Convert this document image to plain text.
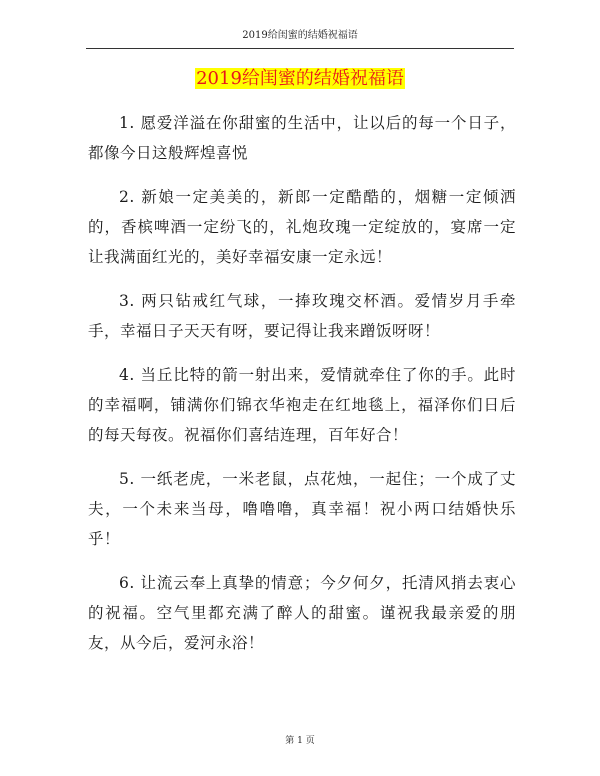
2019给闺蜜的结婚祝福语
2019给闺蜜的结婚祝福语

1. 愿爱洋溢在你甜蜜的生活中，让以后的每一个日子，都像今日这般辉煌喜悦

2. 新娘一定美美的，新郎一定酷酷的，烟糖一定倾洒的，香槟啤酒一定纷飞的，礼炮玫瑰一定绽放的，宴席一定让我满面红光的，美好幸福安康一定永远！

3. 两只钻戒红气球，一捧玫瑰交杯酒。爱情岁月手牵手，幸福日子天天有呀，要记得让我来蹭饭呀呀！

4. 当丘比特的箭一射出来，爱情就牵住了你的手。此时的幸福啊，铺满你们锦衣华袍走在红地毯上，福泽你们日后的每天每夜。祝福你们喜结连理，百年好合！

5. 一纸老虎，一米老鼠，点花烛，一起住；一个成了丈夫，一个未来当母，噜噜噜，真幸福！祝小两口结婚快乐乎！

6. 让流云奉上真挚的情意；今夕何夕，托清风捎去衷心的祝福。空气里都充满了醉人的甜蜜。谨祝我最亲爱的朋友，从今后，爱河永浴！

第 1 页
